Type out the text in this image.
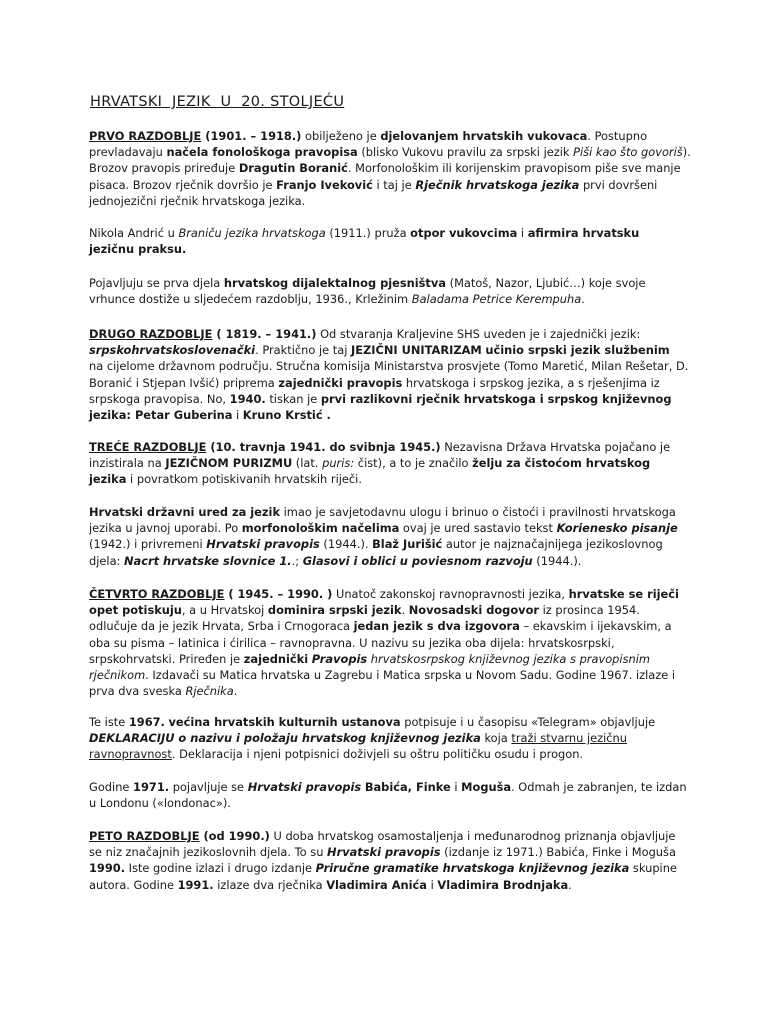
HRVATSKI  JEZIK  U  20. STOLJEĆU
PRVO RAZDOBLJE (1901. – 1918.) obilježeno je djelovanjem hrvatskih vukovaca. Postupno
prevladavaju načela fonološkoga pravopisa (blisko Vukovu pravilu za srpski jezik Piši kao što govoriš).
Brozov pravopis priređuje Dragutin Boranić. Morfonološkim ili korijenskim pravopisom piše sve manje
pisaca. Brozov rječnik dovršio je Franjo Iveković i taj je Rječnik hrvatskoga jezika prvi dovršeni
jednojezični rječnik hrvatskoga jezika.
Nikola Andrić u Braniču jezika hrvatskoga (1911.) pruža otpor vukovcima i afirmira hrvatsku
jezičnu praksu.
Pojavljuju se prva djela hrvatskog dijalektalnog pjesništva (Matoš, Nazor, Ljubić…) koje svoje
vrhunce dostiže u sljedećem razdoblju, 1936., Krležinim Baladama Petrice Kerempuha.
DRUGO RAZDOBLJE ( 1819. – 1941.) Od stvaranja Kraljevine SHS uveden je i zajednički jezik:
srpskohrvatskoslovenački. Praktično je taj JEZIČNI UNITARIZAM učinio srpski jezik službenim
na cijelome državnom području. Stručna komisija Ministarstva prosvjete (Tomo Maretić, Milan Rešetar, D.
Boranić i Stjepan Ivšić) priprema zajednički pravopis hrvatskoga i srpskog jezika, a s rješenjima iz
srpskoga pravopisa. No, 1940. tiskan je prvi razlikovni rječnik hrvatskoga i srpskog književnog
jezika: Petar Guberina i Kruno Krstić .
TREĆE RAZDOBLJE (10. travnja 1941. do svibnja 1945.) Nezavisna Država Hrvatska pojačano je
inzistirala na JEZIČNOM PURIZMU (lat. puris: čist), a to je značilo želju za čistoćom hrvatskog
jezika i povratkom potiskivanih hrvatskih riječi.
Hrvatski državni ured za jezik imao je savjetodavnu ulogu i brinuo o čistoći i pravilnosti hrvatskoga
jezika u javnoj uporabi. Po morfonološkim načelima ovaj je ured sastavio tekst Korienesko pisanje
(1942.) i privremeni Hrvatski pravopis (1944.). Blaž Jurišić autor je najznačajnijega jezikoslovnog
djela: Nacrt hrvatske slovnice 1..; Glasovi i oblici u poviesnom razvoju (1944.).
ČETVRTO RAZDOBLJE ( 1945. – 1990. ) Unatoč zakonskoj ravnopravnosti jezika, hrvatske se riječi
opet potiskuju, a u Hrvatskoj dominira srpski jezik. Novosadski dogovor iz prosinca 1954.
odlučuje da je jezik Hrvata, Srba i Crnogoraca jedan jezik s dva izgovora – ekavskim i ijekavskim, a
oba su pisma – latinica i ćirilica – ravnopravna. U nazivu su jezika oba dijela: hrvatskosrpski,
srpskohrvatski. Priređen je zajednički Pravopis hrvatskosrpskog književnog jezika s pravopisnim
rječnikom. Izdavači su Matica hrvatska u Zagrebu i Matica srpska u Novom Sadu. Godine 1967. izlaze i
prva dva sveska Rječnika.
Te iste 1967. većina hrvatskih kulturnih ustanova potpisuje i u časopisu «Telegram» objavljuje
DEKLARACIJU o nazivu i položaju hrvatskog književnog jezika koja traži stvarnu jezičnu
ravnopravnost. Deklaracija i njeni potpisnici doživjeli su oštru političku osudu i progon.
Godine 1971. pojavljuje se Hrvatski pravopis Babića, Finke i Moguša. Odmah je zabranjen, te izdan
u Londonu («londonac»).
PETO RAZDOBLJE (od 1990.) U doba hrvatskog osamostaljenja i međunarodnog priznanja objavljuje
se niz značajnih jezikoslovnih djela. To su Hrvatski pravopis (izdanje iz 1971.) Babića, Finke i Moguša
1990. Iste godine izlazi i drugo izdanje Priručne gramatike hrvatskoga književnog jezika skupine
autora. Godine 1991. izlaze dva rječnika Vladimira Anića i Vladimira Brodnjaka.
